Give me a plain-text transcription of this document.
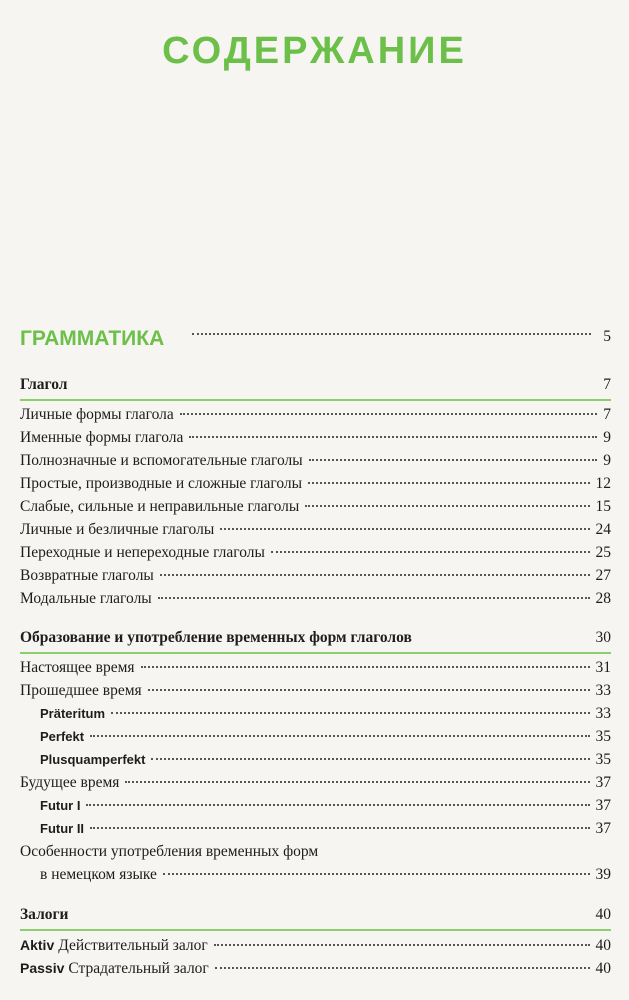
СОДЕРЖАНИЕ
ГРАММАТИКА	5
Глагол	7
Личные формы глагола	7
Именные формы глагола	9
Полнозначные и вспомогательные глаголы	9
Простые, производные и сложные глаголы	12
Слабые, сильные и неправильные глаголы	15
Личные и безличные глаголы	24
Переходные и непереходные глаголы	25
Возвратные глаголы	27
Модальные глаголы	28
Образование и употребление временных форм глаголов	30
Настоящее время	31
Прошедшее время	33
Präteritum	33
Perfekt	35
Plusquamperfekt	35
Будущее время	37
Futur I	37
Futur II	37
Особенности употребления временных форм
в немецком языке	39
Залоги	40
Aktiv Действительный залог	40
Passiv Страдательный залог	40
